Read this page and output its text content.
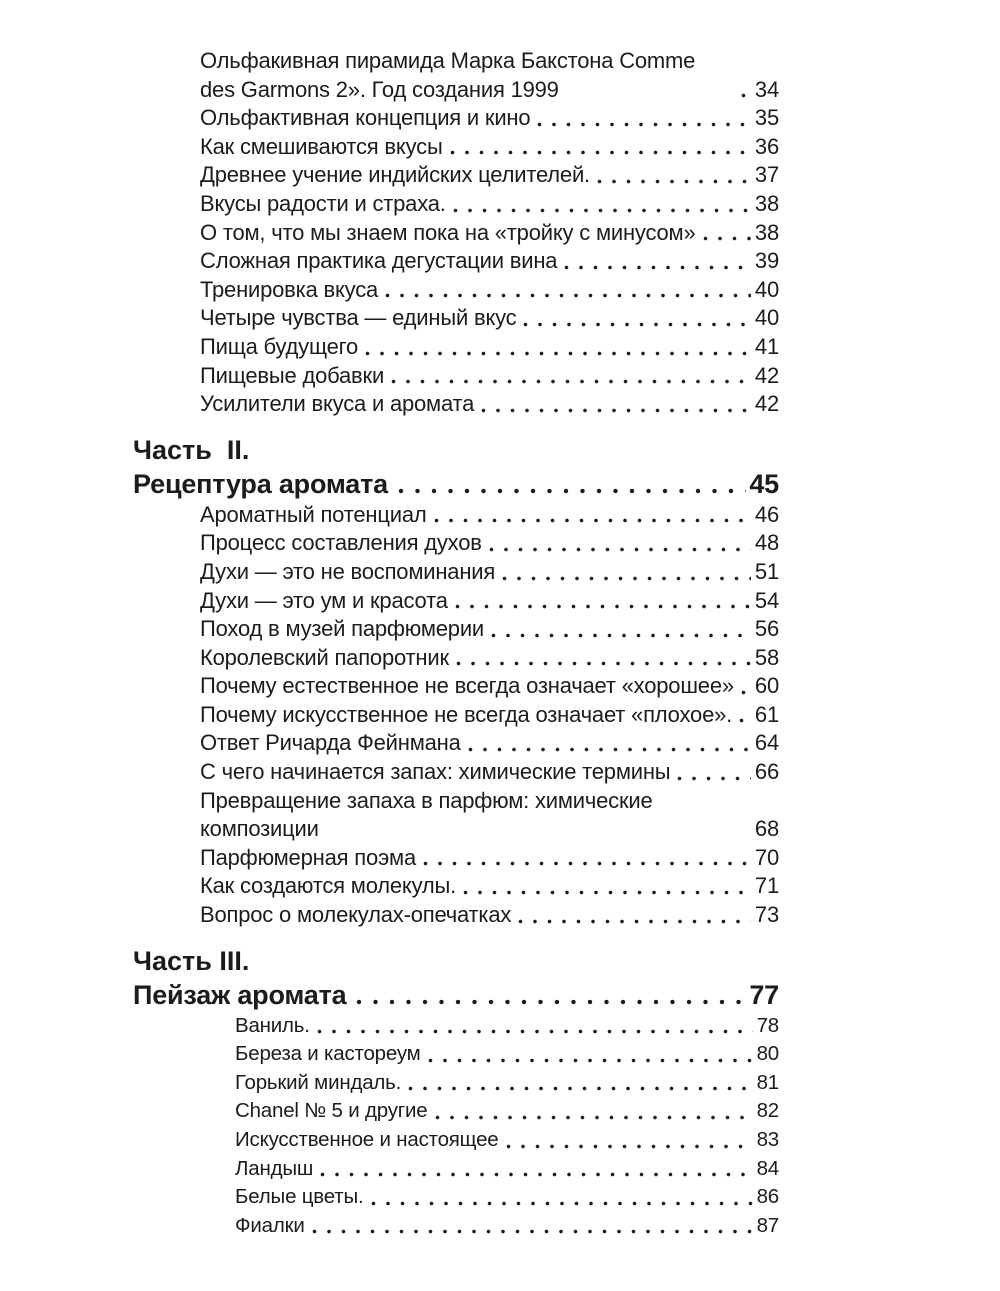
Ольфакивная пирамида Марка Бакстона Comme des Garmons 2». Год создания 1999	34
Ольфактивная концепция и кино	35
Как смешиваются вкусы	36
Древнее учение индийских целителей.	37
Вкусы радости и страха.	38
О том, что мы знаем пока на «тройку с минусом»	38
Сложная практика дегустации вина	39
Тренировка вкуса	40
Четыре чувства — единый вкус	40
Пища будущего	41
Пищевые добавки	42
Усилители вкуса и аромата	42
Часть  II.
Рецептура аромата	45
Ароматный потенциал	46
Процесс составления духов	48
Духи — это не воспоминания	51
Духи — это ум и красота	54
Поход в музей парфюмерии	56
Королевский папоротник	58
Почему естественное не всегда означает «хорошее» 60
Почему искусственное не всегда означает «плохое». 61
Ответ Ричарда Фейнмана	64
С чего начинается запах: химические термины	66
Превращение запаха в парфюм: химические композиции	68
Парфюмерная поэма	70
Как создаются молекулы.	71
Вопрос о молекулах-опечатках	73
Часть III.
Пейзаж аромата	77
Ваниль.	78
Береза и кастореум	80
Горький миндаль.	81
Chanel № 5 и другие	82
Искусственное и настоящее	83
Ландыш	84
Белые цветы.	86
Фиалки	87
